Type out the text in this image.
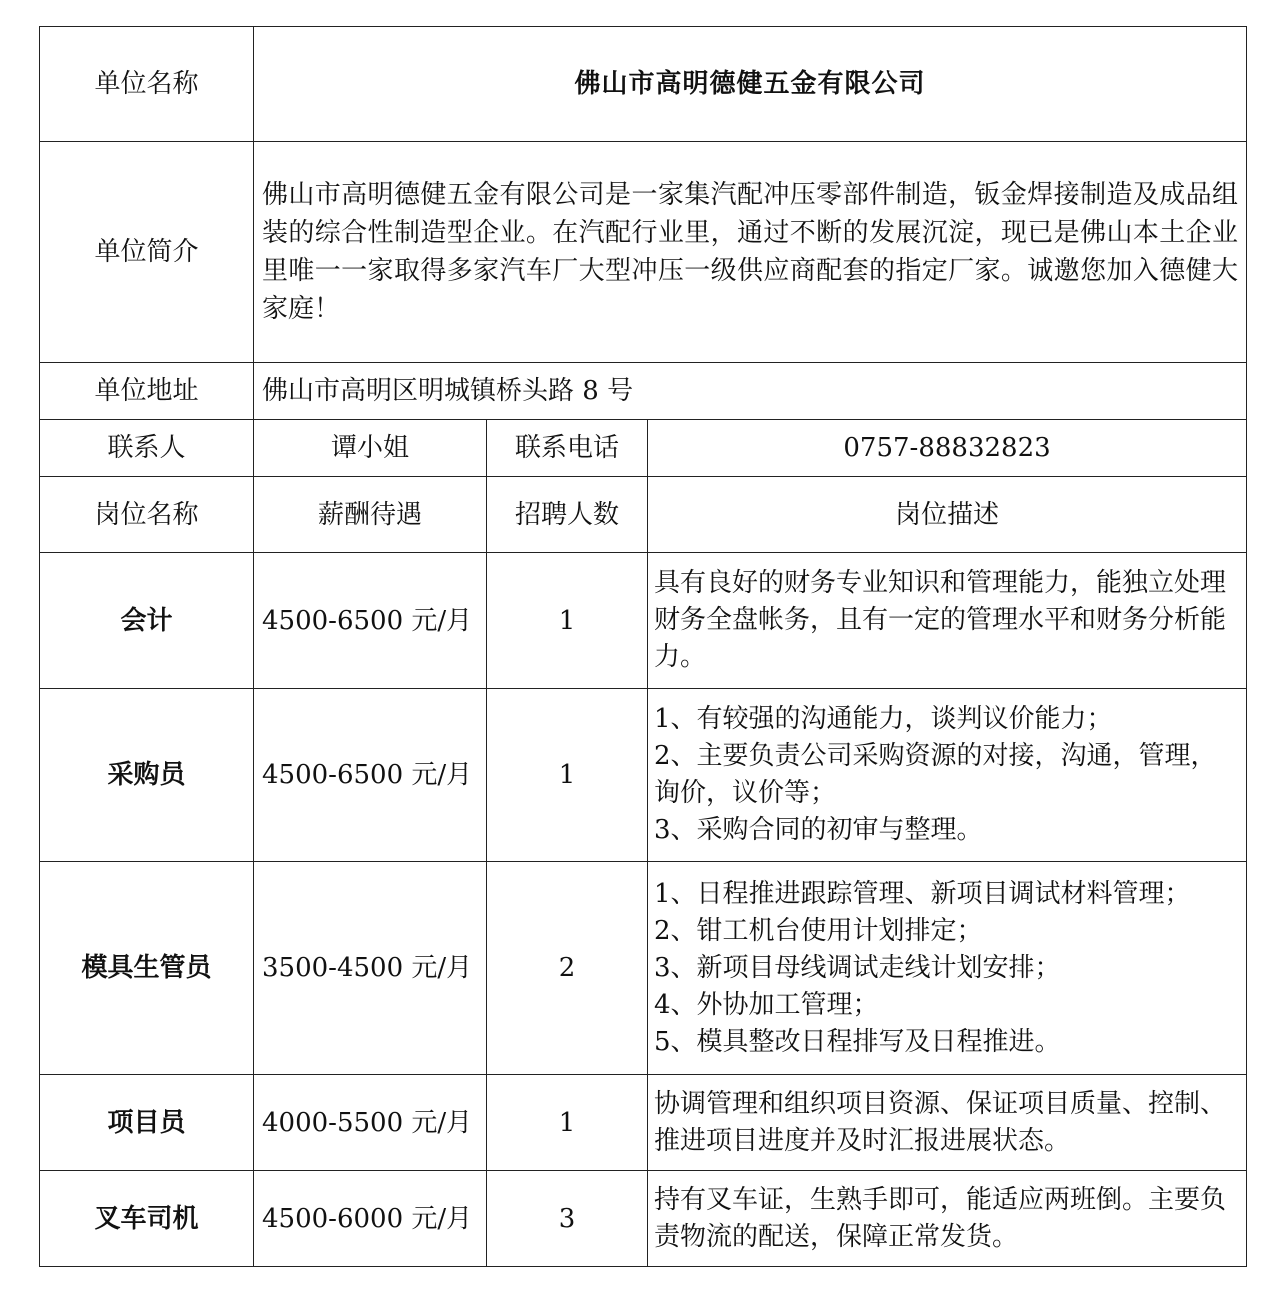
单位名称	佛山市高明德健五金有限公司		
单位简介	佛山市高明德健五金有限公司是一家集汽配冲压零部件制造，钣金焊接制造及成品组装的综合性制造型企业。在汽配行业里，通过不断的发展沉淀，现已是佛山本土企业里唯一一家取得多家汽车厂大型冲压一级供应商配套的指定厂家。诚邀您加入德健大家庭！		
单位地址	佛山市高明区明城镇桥头路 8 号		
联系人	谭小姐	联系电话	0757-88832823
岗位名称	薪酬待遇	招聘人数	岗位描述
会计	4500-6500 元/月	1	具有良好的财务专业知识和管理能力，能独立处理财务全盘帐务，且有一定的管理水平和财务分析能力。

采购员	4500-6500 元/月	1	1、有较强的沟通能力，谈判议价能力；
2、主要负责公司采购资源的对接，沟通，管理，询价，议价等；
3、采购合同的初审与整理。

模具生管员	3500-4500 元/月	2	1、日程推进跟踪管理、新项目调试材料管理；
2、钳工机台使用计划排定；
3、新项目母线调试走线计划安排；
4、外协加工管理；
5、模具整改日程排写及日程推进。

项目员	4000-5500 元/月	1	协调管理和组织项目资源、保证项目质量、控制、推进项目进度并及时汇报进展状态。

叉车司机	4500-6000 元/月	3	持有叉车证，生熟手即可，能适应两班倒。主要负责物流的配送，保障正常发货。
